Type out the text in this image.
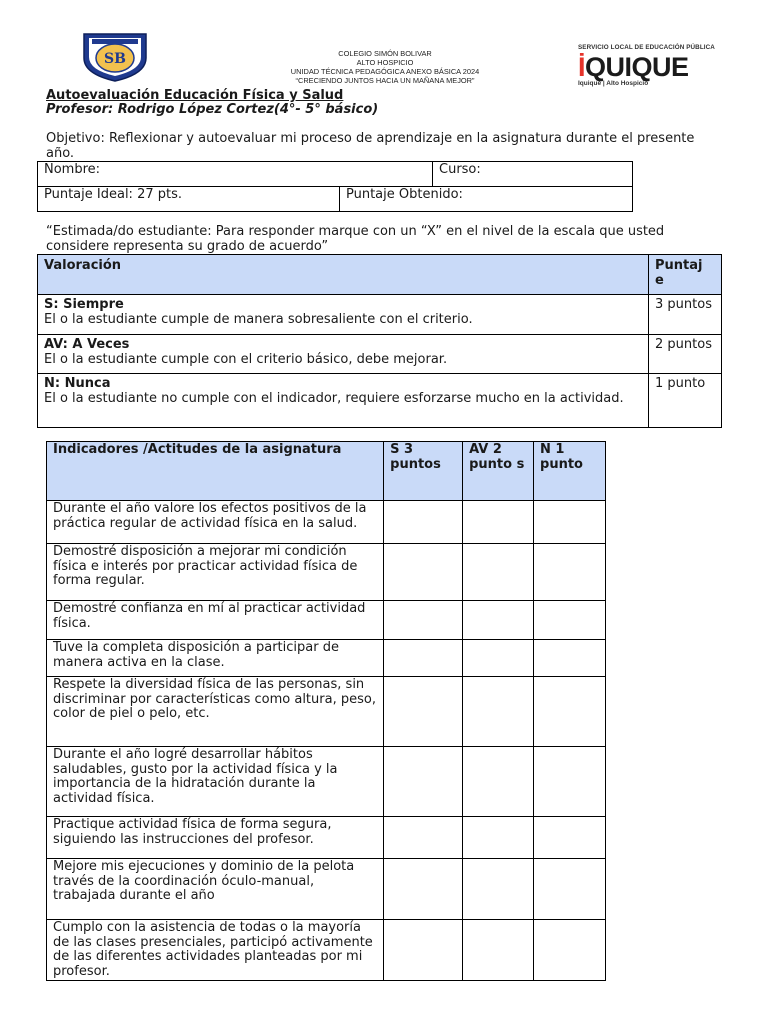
SB	COLEGIO SIMÓN BOLIVAR
ALTO HOSPICIO
UNIDAD TÉCNICA PEDAGÓGICA ANEXO BÁSICA 2024
“CRECIENDO JUNTOS HACIA UN MAÑANA MEJOR”
SERVICIO LOCAL DE EDUCACIÓN PÚBLICA
İQUIQUE
Iquique | Alto Hospicio
Autoevaluación Educación Física y Salud
Profesor: Rodrigo López Cortez(4°- 5° básico)
Objetivo: Reflexionar y autoevaluar mi proceso de aprendizaje en la asignatura durante el presente año.
Nombre:		Curso:
Puntaje Ideal: 27 pts.	Puntaje Obtenido:	
“Estimada/do estudiante: Para responder marque con un “X” en el nivel de la escala que usted considere representa su grado de acuerdo”
Valoración	Puntaj e

S: Siempre
El o la estudiante cumple de manera sobresaliente con el criterio.	3 puntos

AV: A Veces
El o la estudiante cumple con el criterio básico, debe mejorar.	2 puntos

N: Nunca
El o la estudiante no cumple con el indicador, requiere esforzarse mucho en la actividad.	1 punto
Indicadores /Actitudes de la asignatura	S 3 puntos	AV 2 punto s	N 1 punto
Durante el año valore los efectos positivos de la práctica regular de actividad física en la salud.			
Demostré disposición a mejorar mi condición física e interés por practicar actividad física de forma regular.			
Demostré confianza en mí al practicar actividad física.			
Tuve la completa disposición a participar de manera activa en la clase.			
Respete la diversidad física de las personas, sin discriminar por características como altura, peso, color de piel o pelo, etc.			
Durante el año logré desarrollar hábitos saludables, gusto por la actividad física y la importancia de la hidratación durante la actividad física.			
Practique actividad física de forma segura, siguiendo las instrucciones del profesor.			
Mejore mis ejecuciones y dominio de la pelota través de la coordinación óculo-manual, trabajada durante el año			
Cumplo con la asistencia de todas o la mayoría de las clases presenciales, participó activamente de las diferentes actividades planteadas por mi profesor.			
